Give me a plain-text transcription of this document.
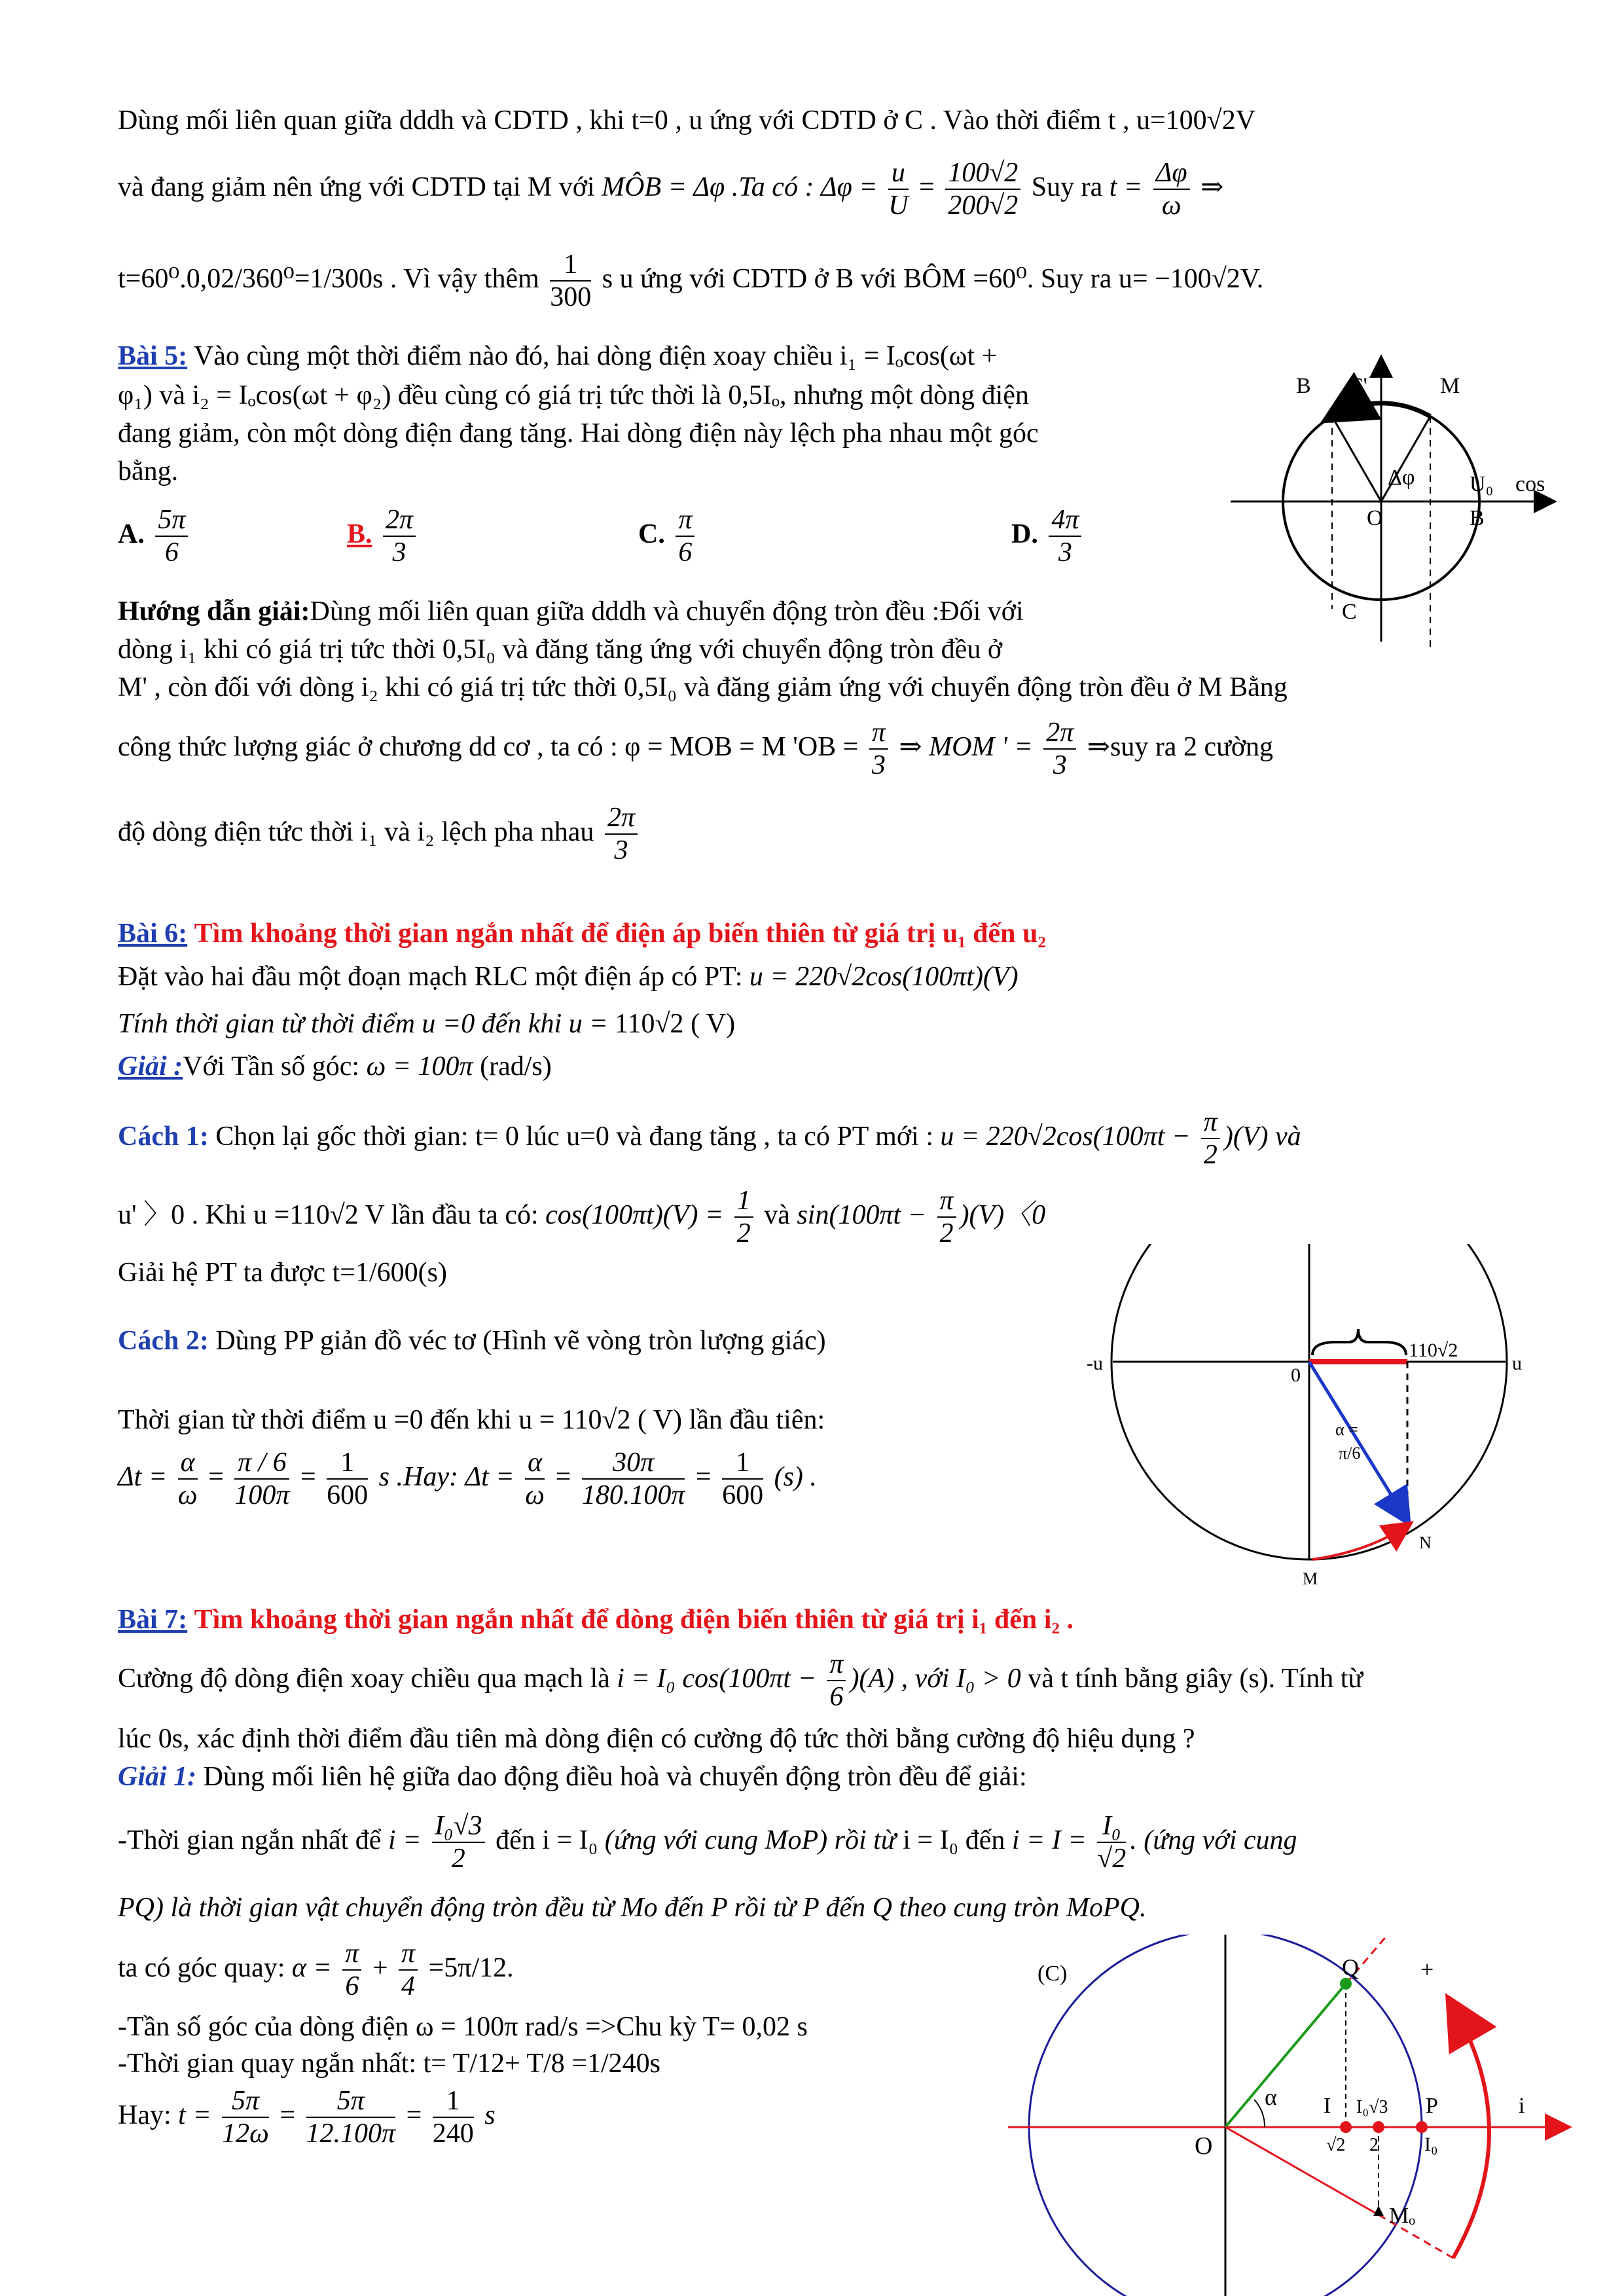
Dùng mối liên quan giữa dddh và CDTD , khi t=0 , u ứng với CDTD ở C . Vào thời điểm t , u=100√2V
và đang giảm nên ứng với CDTD tại M với MÔB = Δφ .Ta có : $\Delta\varphi = \frac{u}{U} = \frac{100√2}{200√2}$ Suy ra $t = \frac{\Delta\varphi}{\omega}$ ⇒
t=60⁰.0,02/360⁰=1/300s . Vì vậy thêm $\frac{1}{300}$ s u ứng với CDTD ở B với BÔM =60⁰. Suy ra u= −100√2V.
Bài 5: Vào cùng một thời điểm nào đó, hai dòng điện xoay chiều i₁ = Iₒcos(ωt +
φ₁) và i₂ = Iₒcos(ωt + φ₂) đều cùng có giá trị tức thời là 0,5Iₒ, nhưng một dòng điện
đang giảm, còn một dòng điện đang tăng. Hai dòng điện này lệch pha nhau một góc
bằng.
A. $\frac{5\pi}{6}$	B. $\frac{2\pi}{3}$	C. $\frac{\pi}{6}$	D. $\frac{4\pi}{3}$
Hướng dẫn giải:Dùng mối liên quan giữa dddh và chuyển động tròn đều :Đối với
dòng i₁ khi có giá trị tức thời 0,5I₀ và đăng tăng ứng với chuyển động tròn đều ở
M' , còn đối với dòng i₂ khi có giá trị tức thời 0,5I₀ và đăng giảm ứng với chuyển động tròn đều ở M Bằng
công thức lượng giác ở chương dd cơ , ta có : φ = MOB = M 'OB = $\frac{\pi}{3}$ ⇒ MOM ' = $\frac{2\pi}{3}$ ⇒suy ra 2 cường
độ dòng điện tức thời i₁ và i₂ lệch pha nhau $\frac{2\pi}{3}$
B C'	M
Δφ U₀ cos
O	B
C
Bài 6: Tìm khoảng thời gian ngắn nhất để điện áp biến thiên từ giá trị u₁ đến u₂
Đặt vào hai đầu một đoạn mạch RLC một điện áp có PT: u = 220√2cos(100πt)(V)
Tính thời gian từ thời điểm u =0 đến khi u = 110√2 ( V)
Giải :Với Tần số góc: ω = 100π (rad/s)
Cách 1: Chọn lại gốc thời gian: t= 0 lúc u=0 và đang tăng , ta có PT mới : $u = 220√2\cos(100\pi t - \frac{\pi}{2} )(V)$ và
u' 〉0 . Khi u =110√2 V lần đầu ta có: $\cos(100\pi t)(V) = \frac{1}{2}$ và $\sin(100\pi t - \frac{\pi}{2} )(V)$〈0
Giải hệ PT ta được t=1/600(s)
Cách 2: Dùng PP giản đồ véc tơ (Hình vẽ vòng tròn lượng giác)
Thời gian từ thời điểm u =0 đến khi u = 110√2 ( V) lần đầu tiên:
$\Delta t = \frac{\alpha}{\omega} = \frac{\pi / 6}{100\pi} = \frac{1}{600}$ s .Hay: $\Delta t = \frac{\alpha}{\omega} = \frac{30\pi}{180.100\pi} = \frac{1}{600} (s)$ .
-u	u
0
110√2
α =
π/6
N
M
Bài 7: Tìm khoảng thời gian ngắn nhất để dòng điện biến thiên từ giá trị i₁ đến i₂ .
Cường độ dòng điện xoay chiều qua mạch là i = I₀ $\cos(100\pi t - \frac{\pi}{6} )(A)$ , với I₀ > 0 và t tính bằng giây (s). Tính từ
lúc 0s, xác định thời điểm đầu tiên mà dòng điện có cường độ tức thời bằng cường độ hiệu dụng ?
Giải 1: Dùng mối liên hệ giữa dao động điều hoà và chuyển động tròn đều để giải:
-Thời gian ngắn nhất để $i = \frac{\text{I₀√3}}{2}$ đến i = I₀ (ứng với cung MoP) rồi từ i = I₀ đến $i = I = \frac{\text{I₀}}{√2}$ . (ứng với cung
PQ) là thời gian vật chuyển động tròn đều từ Mo đến P rồi từ P đến Q theo cung tròn MoPQ.
ta có góc quay: $\alpha = \frac{\pi}{6} + \frac{\pi}{4} =5\pi/12$.
-Tần số góc của dòng điện ω = 100π rad/s =>Chu kỳ T= 0,02 s
-Thời gian quay ngắn nhất: t= T/12+ T/8 =1/240s
Hay: $t = \frac{5\pi}{12\omega} = \frac{5\pi}{12.100\pi} = \frac{1}{240}$ s
(C)	Q	+
α I
√2
I₀√3
2
P	i
O	I₀
Mₒ
